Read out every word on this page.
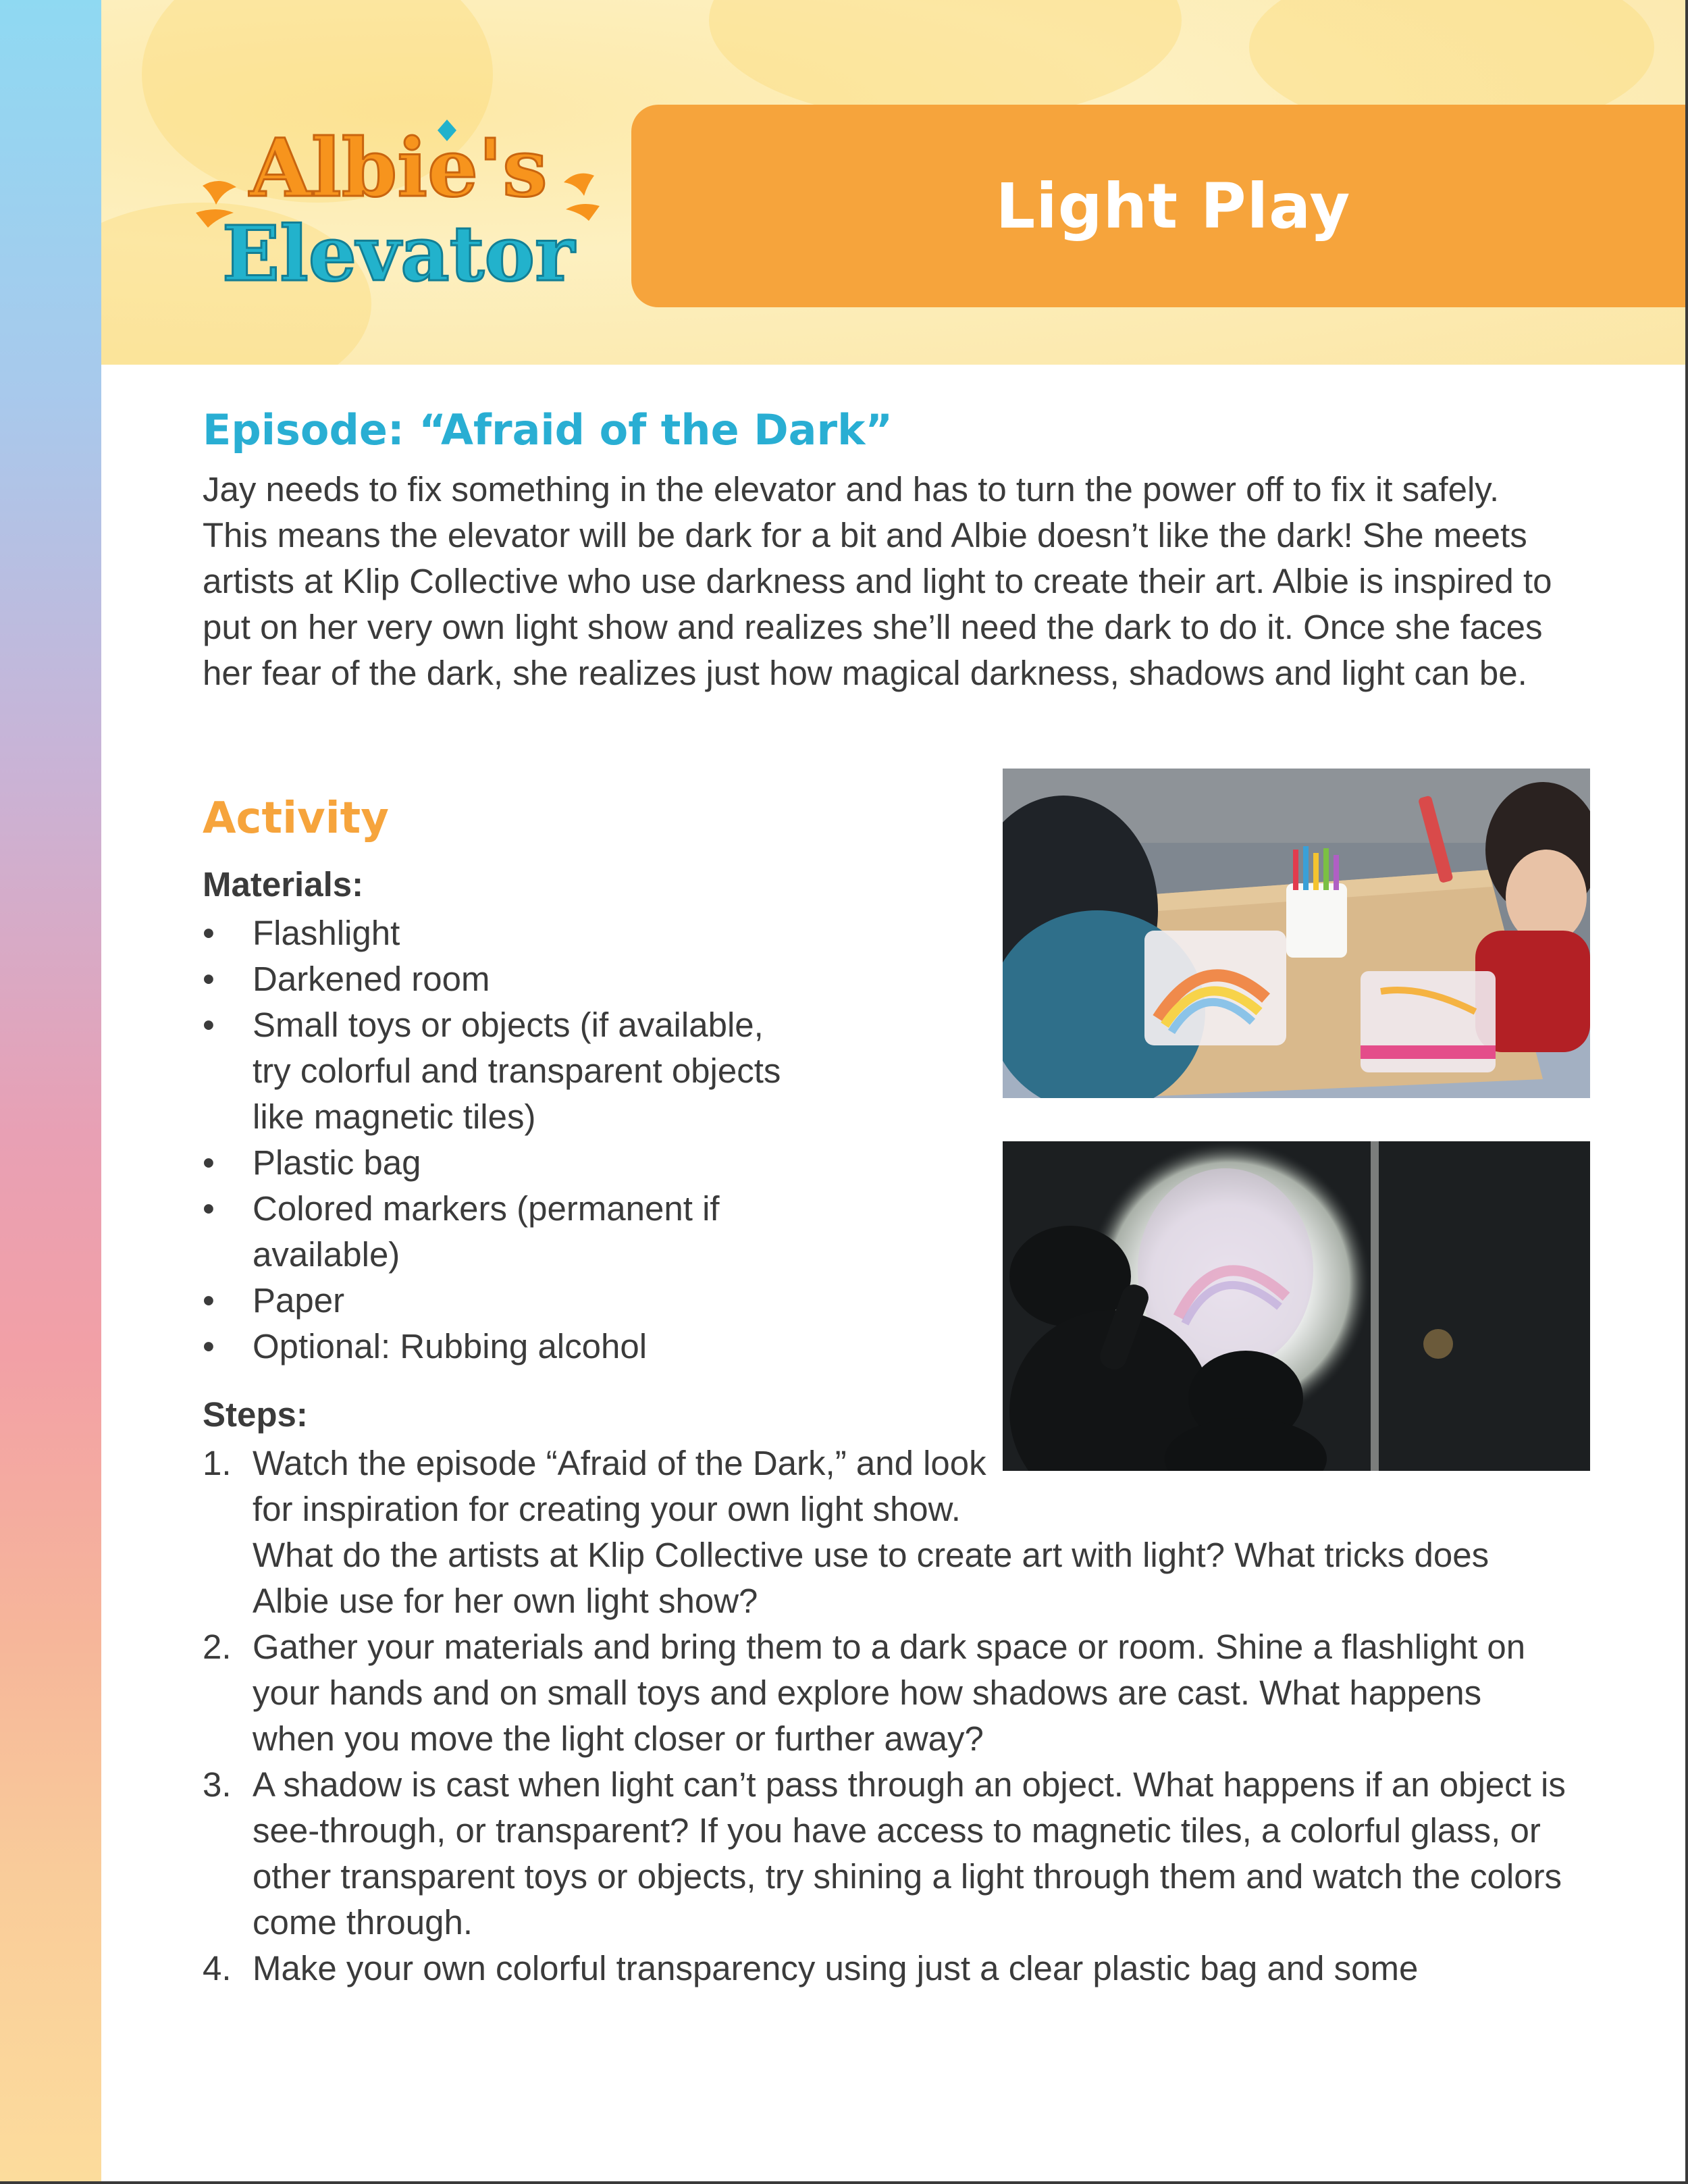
Albie's
Elevator
Light Play
Episode: “Afraid of the Dark”

Jay needs to fix something in the elevator and has to turn the power off to fix it safely. This means the elevator will be dark for a bit and Albie doesn’t like the dark! She meets artists at Klip Collective who use darkness and light to create their art. Albie is inspired to put on her very own light show and realizes she’ll need the dark to do it. Once she faces her fear of the dark, she realizes just how magical darkness, shadows and light can be.

Activity

Materials:

•	Flashlight
•	Darkened room
•	Small toys or objects (if available, try colorful and transparent objects like magnetic tiles)
•	Plastic bag
•	Colored markers (permanent if available)
•	Paper
•	Optional: Rubbing alcohol

Steps:

1. Watch the episode “Afraid of the Dark,” and look for inspiration for creating your own light show. What do the artists at Klip Collective use to create art with light? What tricks does Albie use for her own light show?
2. Gather your materials and bring them to a dark space or room. Shine a flashlight on your hands and on small toys and explore how shadows are cast. What happens when you move the light closer or further away?
3. A shadow is cast when light can’t pass through an object. What happens if an object is see-through, or transparent? If you have access to magnetic tiles, a colorful glass, or other transparent toys or objects, try shining a light through them and watch the colors come through.
4. Make your own colorful transparency using just a clear plastic bag and some
